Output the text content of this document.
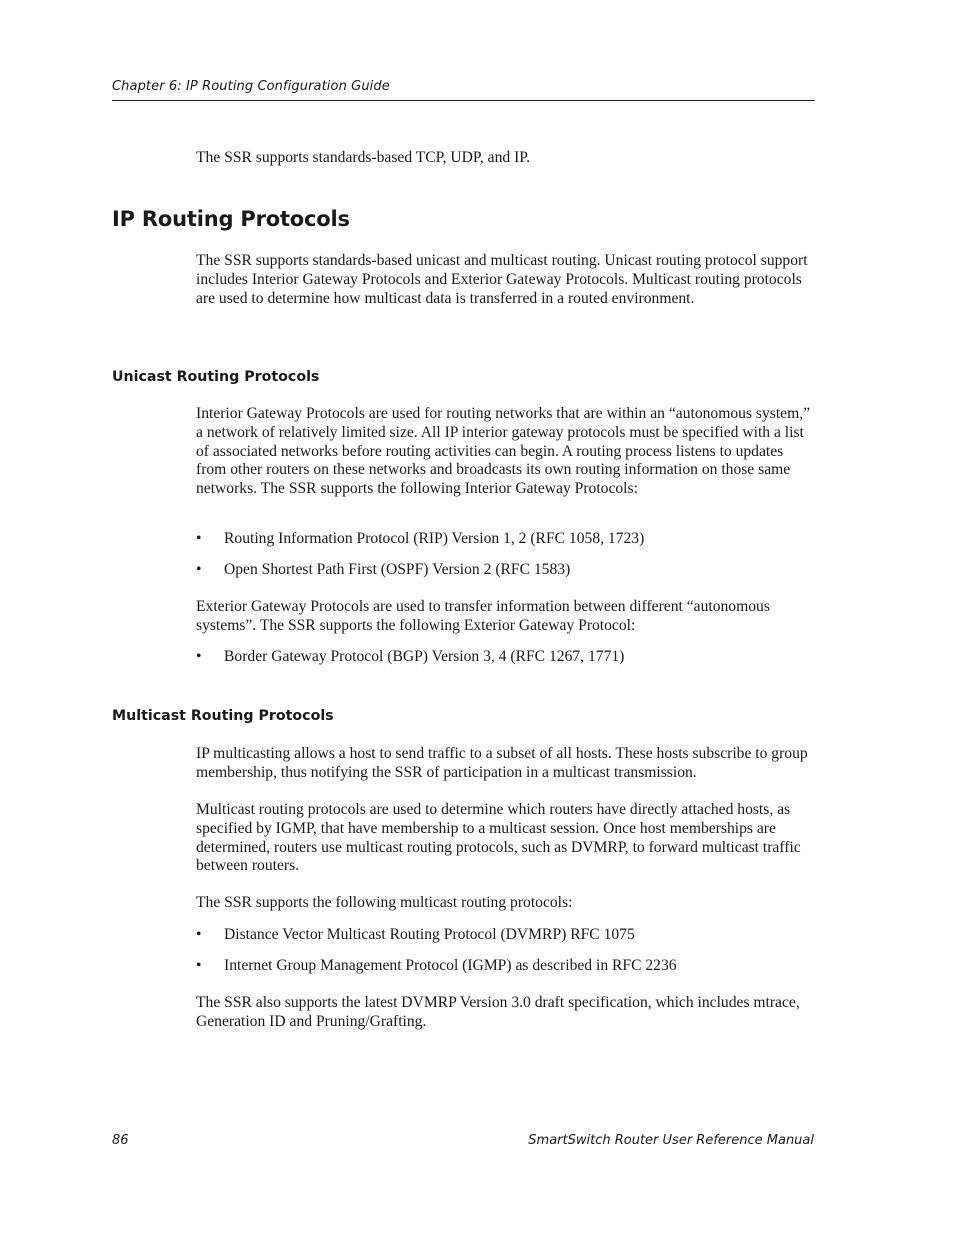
Chapter 6: IP Routing Configuration Guide
The SSR supports standards-based TCP, UDP, and IP.
IP Routing Protocols
The SSR supports standards-based unicast and multicast routing. Unicast routing protocol support includes Interior Gateway Protocols and Exterior Gateway Protocols. Multicast routing protocols are used to determine how multicast data is transferred in a routed environment.
Unicast Routing Protocols
Interior Gateway Protocols are used for routing networks that are within an “autonomous system,” a network of relatively limited size. All IP interior gateway protocols must be specified with a list of associated networks before routing activities can begin. A routing process listens to updates from other routers on these networks and broadcasts its own routing information on those same networks. The SSR supports the following Interior Gateway Protocols:
•	Routing Information Protocol (RIP) Version 1, 2 (RFC 1058, 1723)
•	Open Shortest Path First (OSPF) Version 2 (RFC 1583)
Exterior Gateway Protocols are used to transfer information between different “autonomous systems”. The SSR supports the following Exterior Gateway Protocol:
•	Border Gateway Protocol (BGP) Version 3, 4 (RFC 1267, 1771)
Multicast Routing Protocols
IP multicasting allows a host to send traffic to a subset of all hosts. These hosts subscribe to group membership, thus notifying the SSR of participation in a multicast transmission.
Multicast routing protocols are used to determine which routers have directly attached hosts, as specified by IGMP, that have membership to a multicast session. Once host memberships are determined, routers use multicast routing protocols, such as DVMRP, to forward multicast traffic between routers.
The SSR supports the following multicast routing protocols:
•	Distance Vector Multicast Routing Protocol (DVMRP) RFC 1075
•	Internet Group Management Protocol (IGMP) as described in RFC 2236
The SSR also supports the latest DVMRP Version 3.0 draft specification, which includes mtrace, Generation ID and Pruning/Grafting.
86	SmartSwitch Router User Reference Manual
